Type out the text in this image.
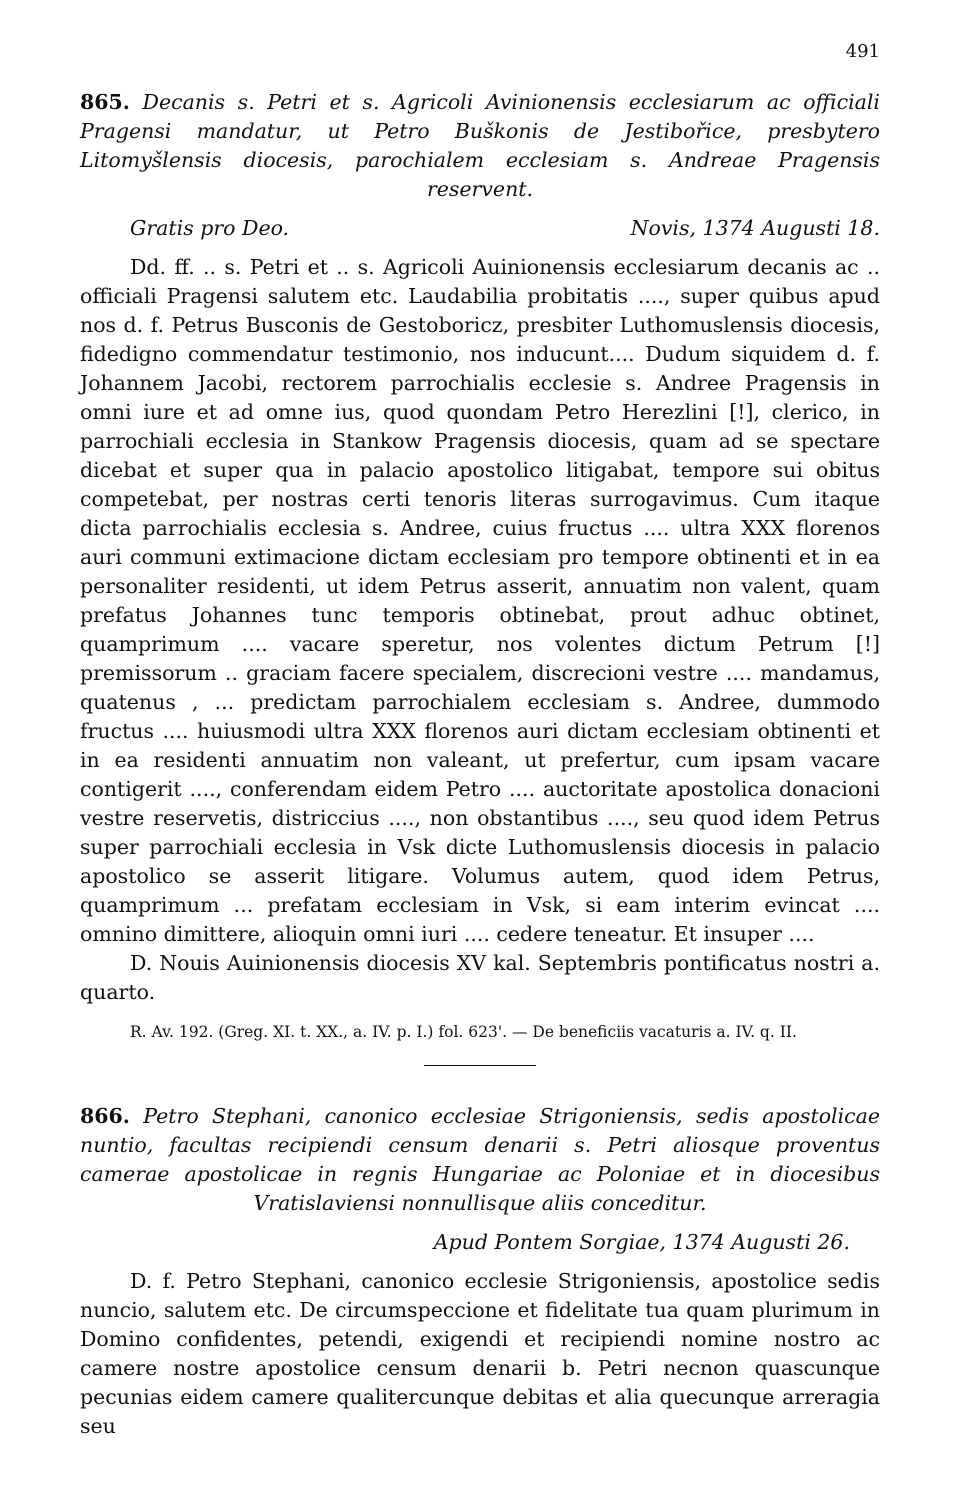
491
865. Decanis s. Petri et s. Agricoli Avinionensis ecclesiarum ac officiali Pragensi mandatur, ut Petro Buškonis de Jestibořice, presbytero Litomyšlensis diocesis, parochialem ecclesiam s. Andreae Pragensis reservent.
Gratis pro Deo.	Novis, 1374 Augusti 18.

Dd. ff. .. s. Petri et .. s. Agricoli Auinionensis ecclesiarum decanis ac .. officiali Pragensi salutem etc. Laudabilia probitatis ...., super quibus apud nos d. f. Petrus Busconis de Gestoboricz, presbiter Luthomuslensis diocesis, fidedigno commendatur testimonio, nos inducunt.... Dudum siquidem d. f. Johannem Jacobi, rectorem parrochialis ecclesie s. Andree Pragensis in omni iure et ad omne ius, quod quondam Petro Herezlini [!], clerico, in parrochiali ecclesia in Stankow Pragensis diocesis, quam ad se spectare dicebat et super qua in palacio apostolico litigabat, tempore sui obitus competebat, per nostras certi tenoris literas surrogavimus. Cum itaque dicta parrochialis ecclesia s. Andree, cuius fructus .... ultra XXX florenos auri communi extimacione dictam ecclesiam pro tempore obtinenti et in ea personaliter residenti, ut idem Petrus asserit, annuatim non valent, quam prefatus Johannes tunc temporis obtinebat, prout adhuc obtinet, quamprimum .... vacare speretur, nos volentes dictum Petrum [!] premissorum .. graciam facere specialem, discrecioni vestre .... mandamus, quatenus , ... predictam parrochialem ecclesiam s. Andree, dummodo fructus .... huiusmodi ultra XXX florenos auri dictam ecclesiam obtinenti et in ea residenti annuatim non valeant, ut prefertur, cum ipsam vacare contigerit ...., conferendam eidem Petro .... auctoritate apostolica donacioni vestre reservetis, districcius ...., non obstantibus ...., seu quod idem Petrus super parrochiali ecclesia in Vsk dicte Luthomuslensis diocesis in palacio apostolico se asserit litigare. Volumus autem, quod idem Petrus, quamprimum ... prefatam ecclesiam in Vsk, si eam interim evincat .... omnino dimittere, alioquin omni iuri .... cedere teneatur. Et insuper ....

D. Nouis Auinionensis diocesis XV kal. Septembris pontificatus nostri a. quarto.

R. Av. 192. (Greg. XI. t. XX., a. IV. p. I.) fol. 623'. — De beneficiis vacaturis a. IV. q. II.
866. Petro Stephani, canonico ecclesiae Strigoniensis, sedis apostolicae nuntio, facultas recipiendi censum denarii s. Petri aliosque proventus camerae apostolicae in regnis Hungariae ac Poloniae et in diocesibus Vratislaviensi nonnullisque aliis conceditur.
Apud Pontem Sorgiae, 1374 Augusti 26.

D. f. Petro Stephani, canonico ecclesie Strigoniensis, apostolice sedis nuncio, salutem etc. De circumspeccione et fidelitate tua quam plurimum in Domino confidentes, petendi, exigendi et recipiendi nomine nostro ac camere nostre apostolice censum denarii b. Petri necnon quascunque pecunias eidem camere qualitercunque debitas et alia quecunque arreragia seu
